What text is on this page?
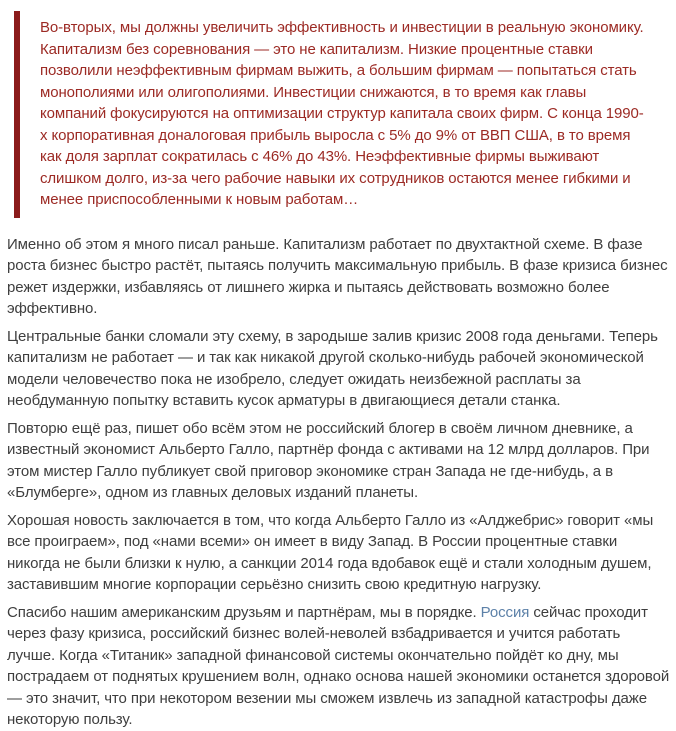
Во-вторых, мы должны увеличить эффективность и инвестиции в реальную экономику. Капитализм без соревнования — это не капитализм. Низкие процентные ставки позволили неэффективным фирмам выжить, а большим фирмам — попытаться стать монополиями или олигополиями. Инвестиции снижаются, в то время как главы компаний фокусируются на оптимизации структур капитала своих фирм. С конца 1990-х корпоративная доналоговая прибыль выросла с 5% до 9% от ВВП США, в то время как доля зарплат сократилась с 46% до 43%. Неэффективные фирмы выживают слишком долго, из-за чего рабочие навыки их сотрудников остаются менее гибкими и менее приспособленными к новым работам…

Именно об этом я много писал раньше. Капитализм работает по двухтактной схеме. В фазе роста бизнес быстро растёт, пытаясь получить максимальную прибыль. В фазе кризиса бизнес режет издержки, избавляясь от лишнего жирка и пытаясь действовать возможно более эффективно.

Центральные банки сломали эту схему, в зародыше залив кризис 2008 года деньгами. Теперь капитализм не работает — и так как никакой другой сколько-нибудь рабочей экономической модели человечество пока не изобрело, следует ожидать неизбежной расплаты за необдуманную попытку вставить кусок арматуры в двигающиеся детали станка.

Повторю ещё раз, пишет обо всём этом не российский блогер в своём личном дневнике, а известный экономист Альберто Галло, партнёр фонда с активами на 12 млрд долларов. При этом мистер Галло публикует свой приговор экономике стран Запада не где-нибудь, а в «Блумберге», одном из главных деловых изданий планеты.

Хорошая новость заключается в том, что когда Альберто Галло из «Алджебрис» говорит «мы все проиграем», под «нами всеми» он имеет в виду Запад. В России процентные ставки никогда не были близки к нулю, а санкции 2014 года вдобавок ещё и стали холодным душем, заставившим многие корпорации серьёзно снизить свою кредитную нагрузку.

Спасибо нашим американским друзьям и партнёрам, мы в порядке. Россия сейчас проходит через фазу кризиса, российский бизнес волей-неволей взбадривается и учится работать лучше. Когда «Титаник» западной финансовой системы окончательно пойдёт ко дну, мы пострадаем от поднятых крушением волн, однако основа нашей экономики останется здоровой — это значит, что при некотором везении мы сможем извлечь из западной катастрофы даже некоторую пользу.
